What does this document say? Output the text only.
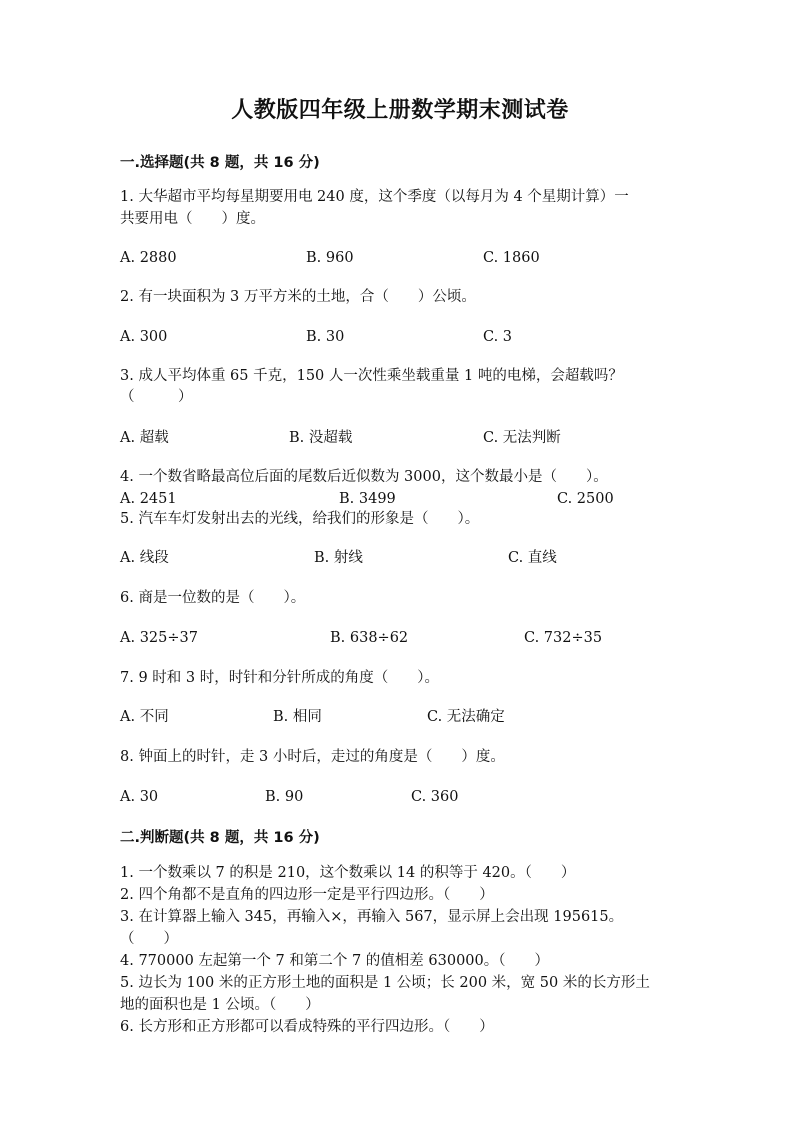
人教版四年级上册数学期末测试卷
一.选择题(共 8 题，共 16 分)
1. 大华超市平均每星期要用电 240 度，这个季度（以每月为 4 个星期计算）一
共要用电（　　）度。
A. 2880	B. 960	C. 1860
2. 有一块面积为 3 万平方米的土地，合（　　）公顷。
A. 300	B. 30	C. 3
3. 成人平均体重 65 千克，150 人一次性乘坐载重量 1 吨的电梯，会超载吗？
（　　　）
A. 超载	B. 没超载	C. 无法判断
4. 一个数省略最高位后面的尾数后近似数为 3000，这个数最小是（　　）。
A. 2451	B. 3499	C. 2500
5. 汽车车灯发射出去的光线，给我们的形象是（　　）。
A. 线段	B. 射线	C. 直线
6. 商是一位数的是（　　）。
A. 325÷37	B. 638÷62	C. 732÷35
7. 9 时和 3 时，时针和分针所成的角度（　　）。
A. 不同	B. 相同	C. 无法确定
8. 钟面上的时针，走 3 小时后，走过的角度是（　　）度。
A. 30	B. 90	C. 360
二.判断题(共 8 题，共 16 分)
1. 一个数乘以 7 的积是 210，这个数乘以 14 的积等于 420。（　　）
2. 四个角都不是直角的四边形一定是平行四边形。（　　）
3. 在计算器上输入 345，再输入×，再输入 567，显示屏上会出现 195615。
（　　）
4. 770000 左起第一个 7 和第二个 7 的值相差 630000。（　　）
5. 边长为 100 米的正方形土地的面积是 1 公顷；长 200 米，宽 50 米的长方形土
地的面积也是 1 公顷。（　　）
6. 长方形和正方形都可以看成特殊的平行四边形。（　　）
